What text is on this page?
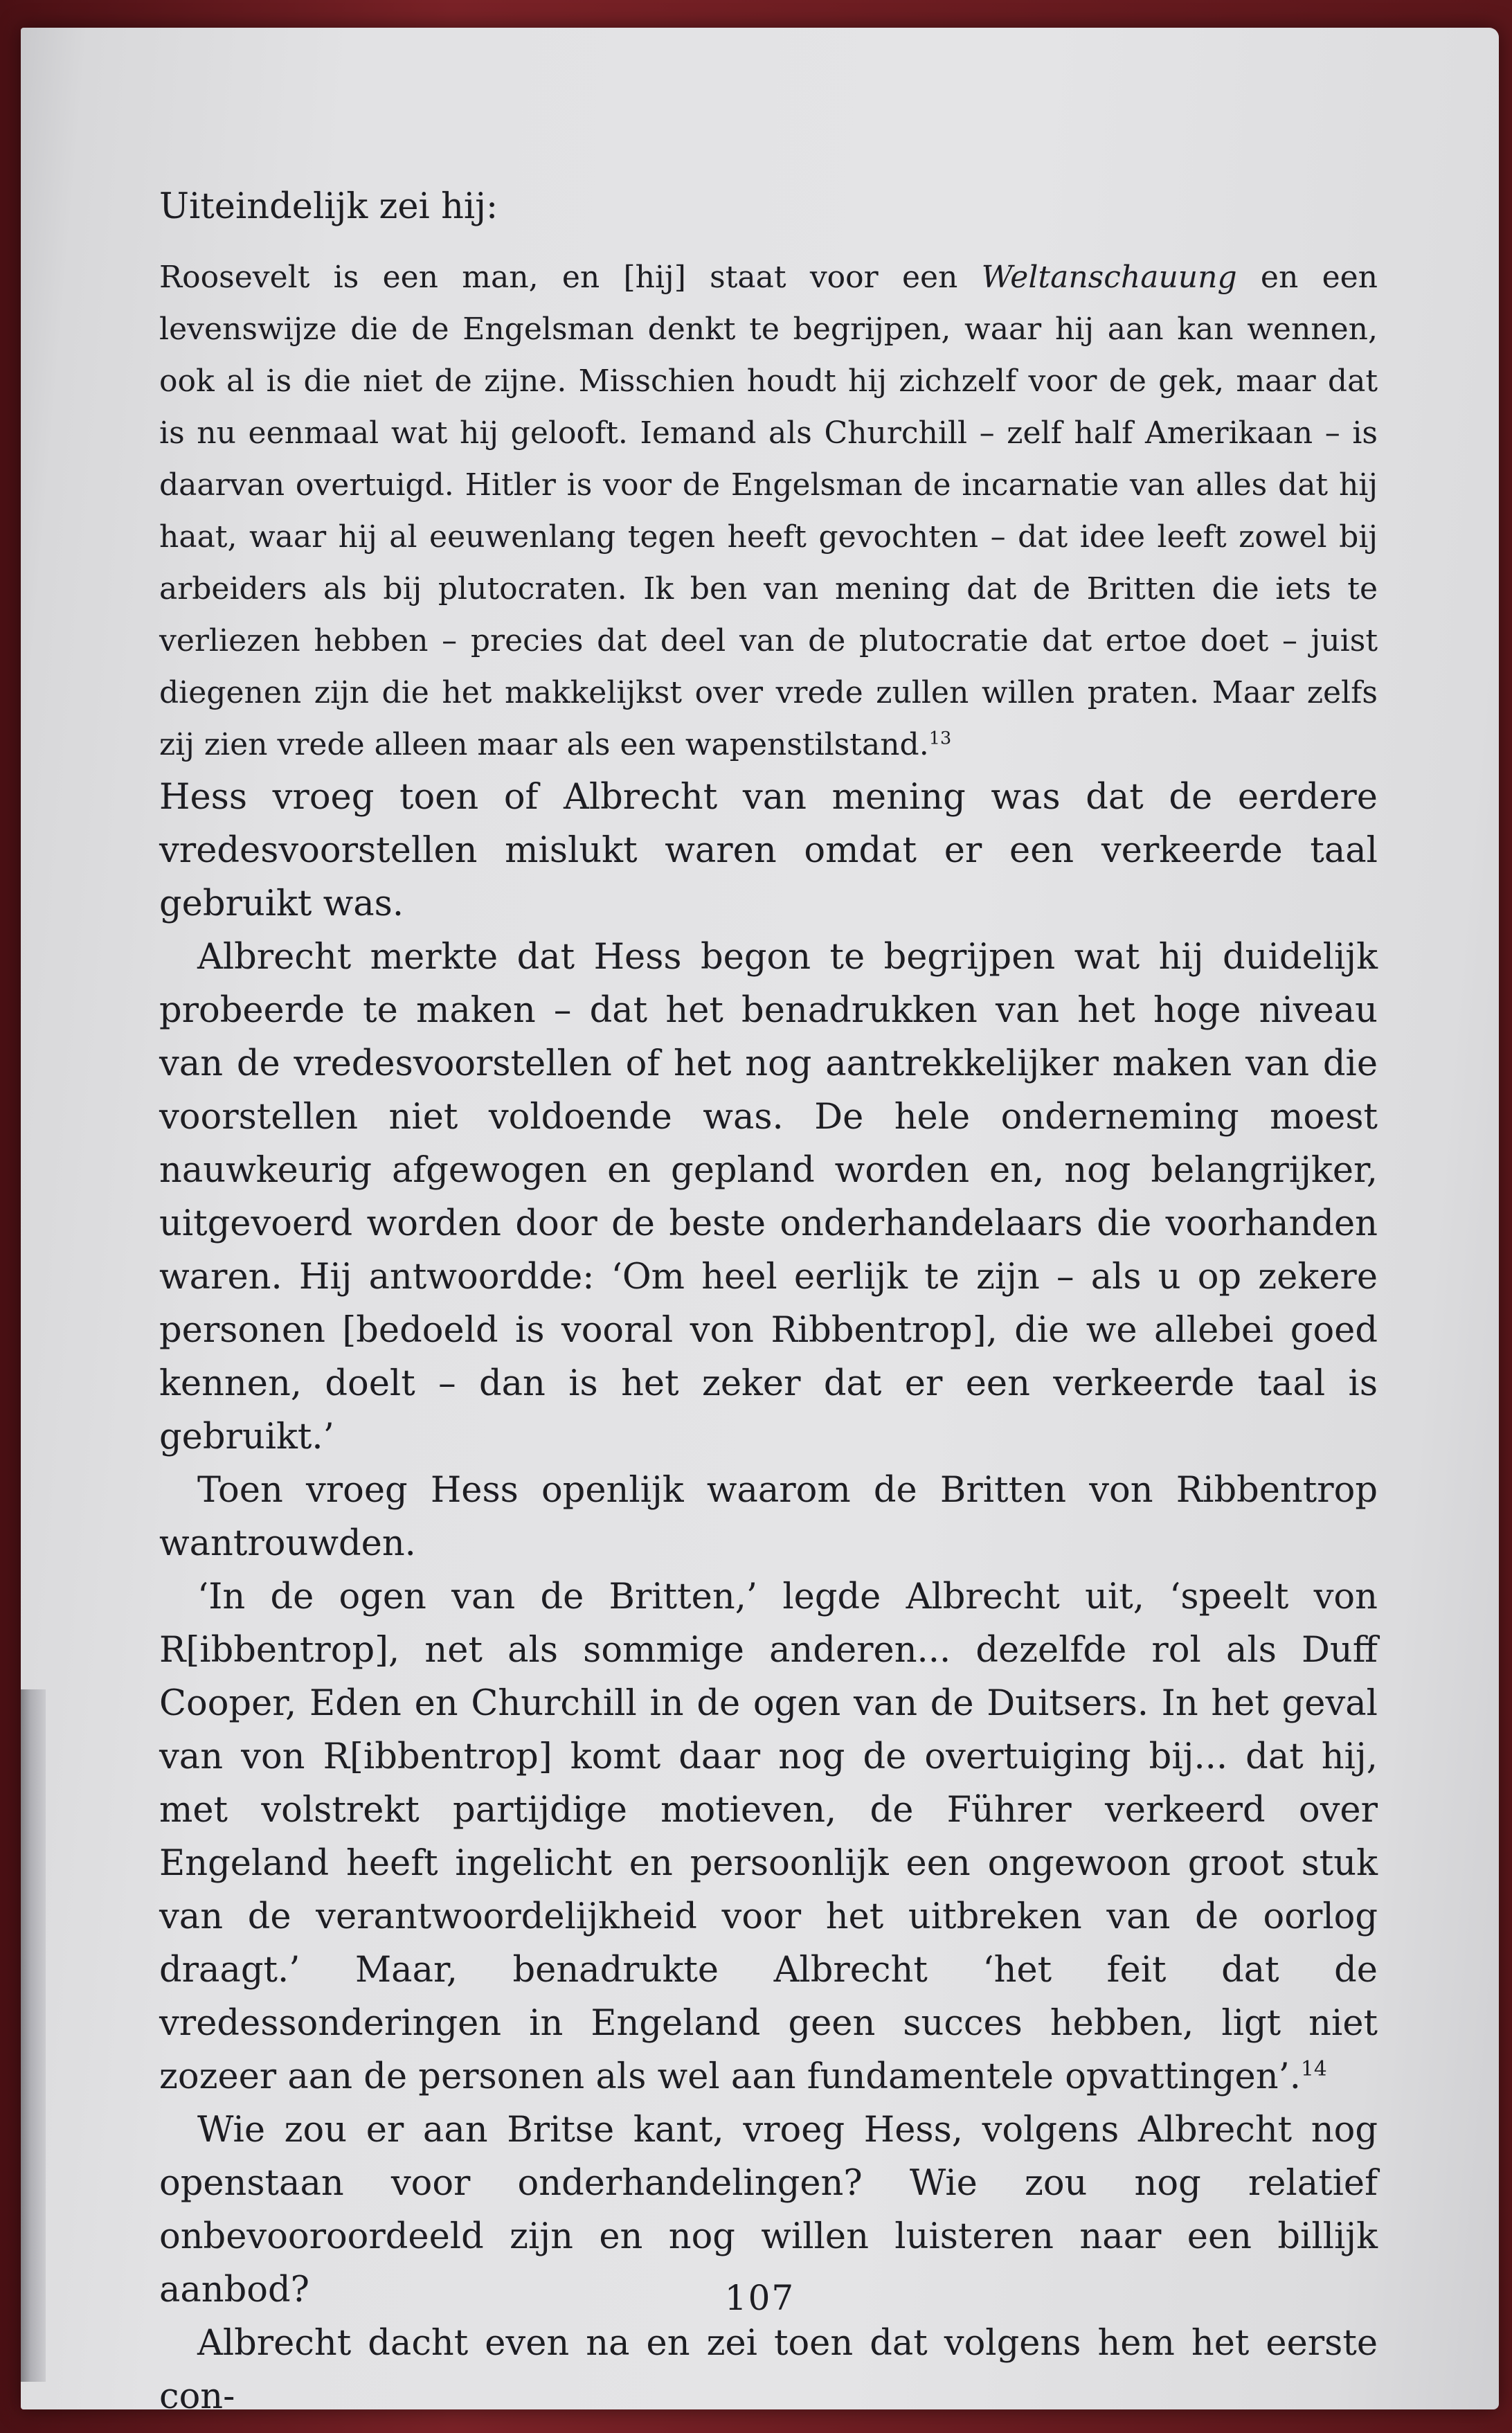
Uiteindelijk zei hij:

Roosevelt is een man, en [hij] staat voor een Weltanschauung en een levenswijze die de Engelsman denkt te begrijpen, waar hij aan kan wennen, ook al is die niet de zijne. Misschien houdt hij zichzelf voor de gek, maar dat is nu eenmaal wat hij gelooft. Iemand als Churchill – zelf half Amerikaan – is daarvan overtuigd. Hitler is voor de Engelsman de incarnatie van alles dat hij haat, waar hij al eeuwenlang tegen heeft gevochten – dat idee leeft zowel bij arbeiders als bij plutocraten. Ik ben van mening dat de Britten die iets te verliezen hebben – precies dat deel van de plutocratie dat ertoe doet – juist diegenen zijn die het makkelijkst over vrede zullen willen praten. Maar zelfs zij zien vrede alleen maar als een wapenstilstand.$^{13}$

Hess vroeg toen of Albrecht van mening was dat de eerdere vredesvoorstellen mislukt waren omdat er een verkeerde taal gebruikt was.

Albrecht merkte dat Hess begon te begrijpen wat hij duidelijk probeerde te maken – dat het benadrukken van het hoge niveau van de vredesvoorstellen of het nog aantrekkelijker maken van die voorstellen niet voldoende was. De hele onderneming moest nauwkeurig afgewogen en gepland worden en, nog belangrijker, uitgevoerd worden door de beste onderhandelaars die voorhanden waren. Hij antwoordde: ‘Om heel eerlijk te zijn – als u op zekere personen [bedoeld is vooral von Ribbentrop], die we allebei goed kennen, doelt – dan is het zeker dat er een verkeerde taal is gebruikt.’

Toen vroeg Hess openlijk waarom de Britten von Ribbentrop wantrouwden.

‘In de ogen van de Britten,’ legde Albrecht uit, ‘speelt von R[ibbentrop], net als sommige anderen... dezelfde rol als Duff Cooper, Eden en Churchill in de ogen van de Duitsers. In het geval van von R[ibbentrop] komt daar nog de overtuiging bij... dat hij, met volstrekt partijdige motieven, de Führer verkeerd over Engeland heeft ingelicht en persoonlijk een ongewoon groot stuk van de verantwoordelijkheid voor het uitbreken van de oorlog draagt.’ Maar, benadrukte Albrecht ‘het feit dat de vredessonderingen in Engeland geen succes hebben, ligt niet zozeer aan de personen als wel aan fundamentele opvattingen’.$^{14}$

Wie zou er aan Britse kant, vroeg Hess, volgens Albrecht nog openstaan voor onderhandelingen? Wie zou nog relatief onbevooroordeeld zijn en nog willen luisteren naar een billijk aanbod?

Albrecht dacht even na en zei toen dat volgens hem het eerste con-

107
